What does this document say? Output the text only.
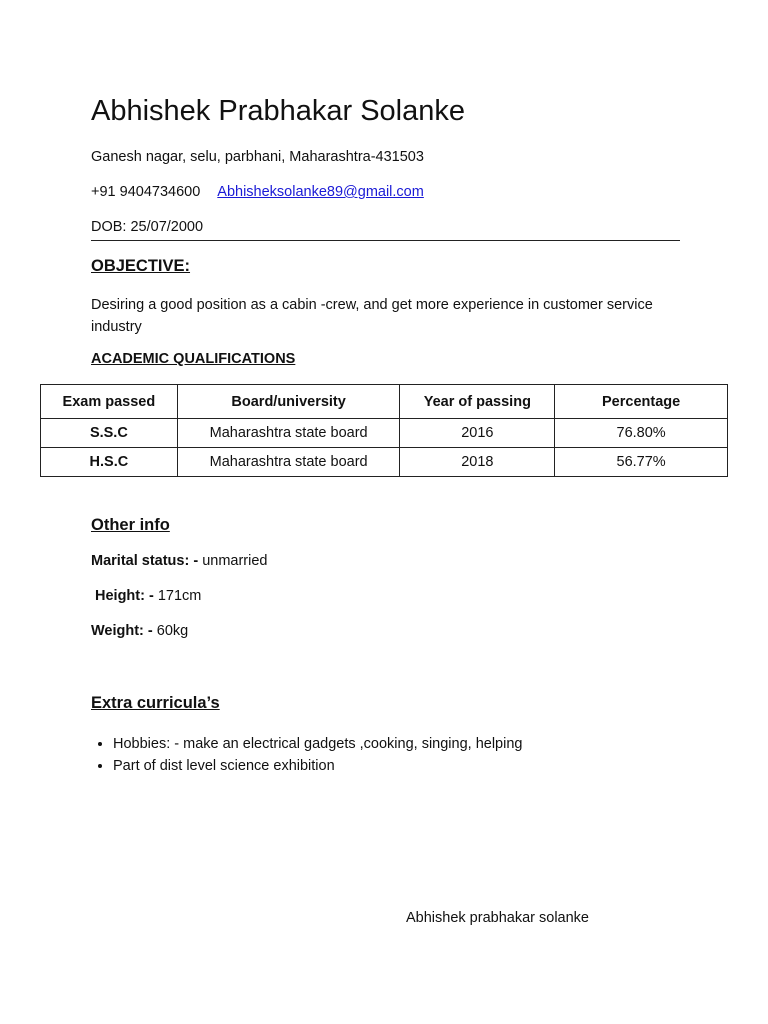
Abhishek Prabhakar Solanke
Ganesh nagar, selu, parbhani, Maharashtra-431503
+91 9404734600 Abhisheksolanke89@gmail.com
DOB: 25/07/2000
OBJECTIVE:
Desiring a good position as a cabin -crew, and get more experience in customer service industry
ACADEMIC QUALIFICATIONS
Exam passed	Board/university	Year of passing	Percentage
S.S.C	Maharashtra state board	2016	76.80%
H.S.C	Maharashtra state board	2018	56.77%
Other info
Marital status: - unmarried
Height: - 171cm
Weight: - 60kg
Extra curricula’s
• Hobbies: - make an electrical gadgets ,cooking, singing, helping
• Part of dist level science exhibition
Abhishek prabhakar solanke
